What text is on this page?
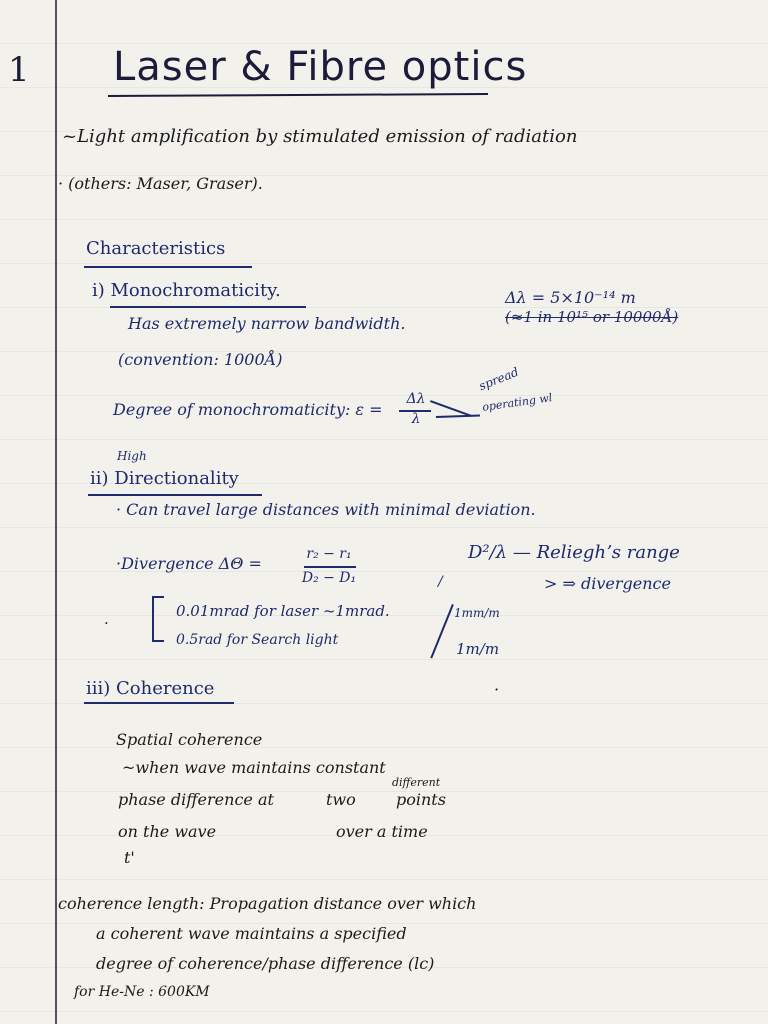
1 Laser & Fibre optics
~Light amplification by stimulated emission of radiation
· (others: Maser, Graser).
Characteristics
i) Monochromaticity.	Δλ = 5×10⁻¹⁴ m
Has extremely narrow bandwidth.	(≈1 in 10¹⁵ or 10000Å)
(convention: 1000Å)
Degree of monochromaticity: ε =
Δλ
λ
spread
operating wl
High
ii) Directionality
· Can travel large distances with minimal deviation.
·Divergence ΔΘ =	r₂ − r₁
D₂ − D₁
D²/λ — Relieghʼs range
> ⇒ divergence
/
·
0.01mrad for laser ~1mrad.	1mm/m
0.5rad for Search light	1m/m
iii) Coherence	·
Spatial coherence
~when wave maintains constant
phase difference at	two
different
points
on the wave	over a time
t'
coherence length: Propagation distance over which
a coherent wave maintains a specified
degree of coherence/phase difference (lc)
for He-Ne : 600KM
